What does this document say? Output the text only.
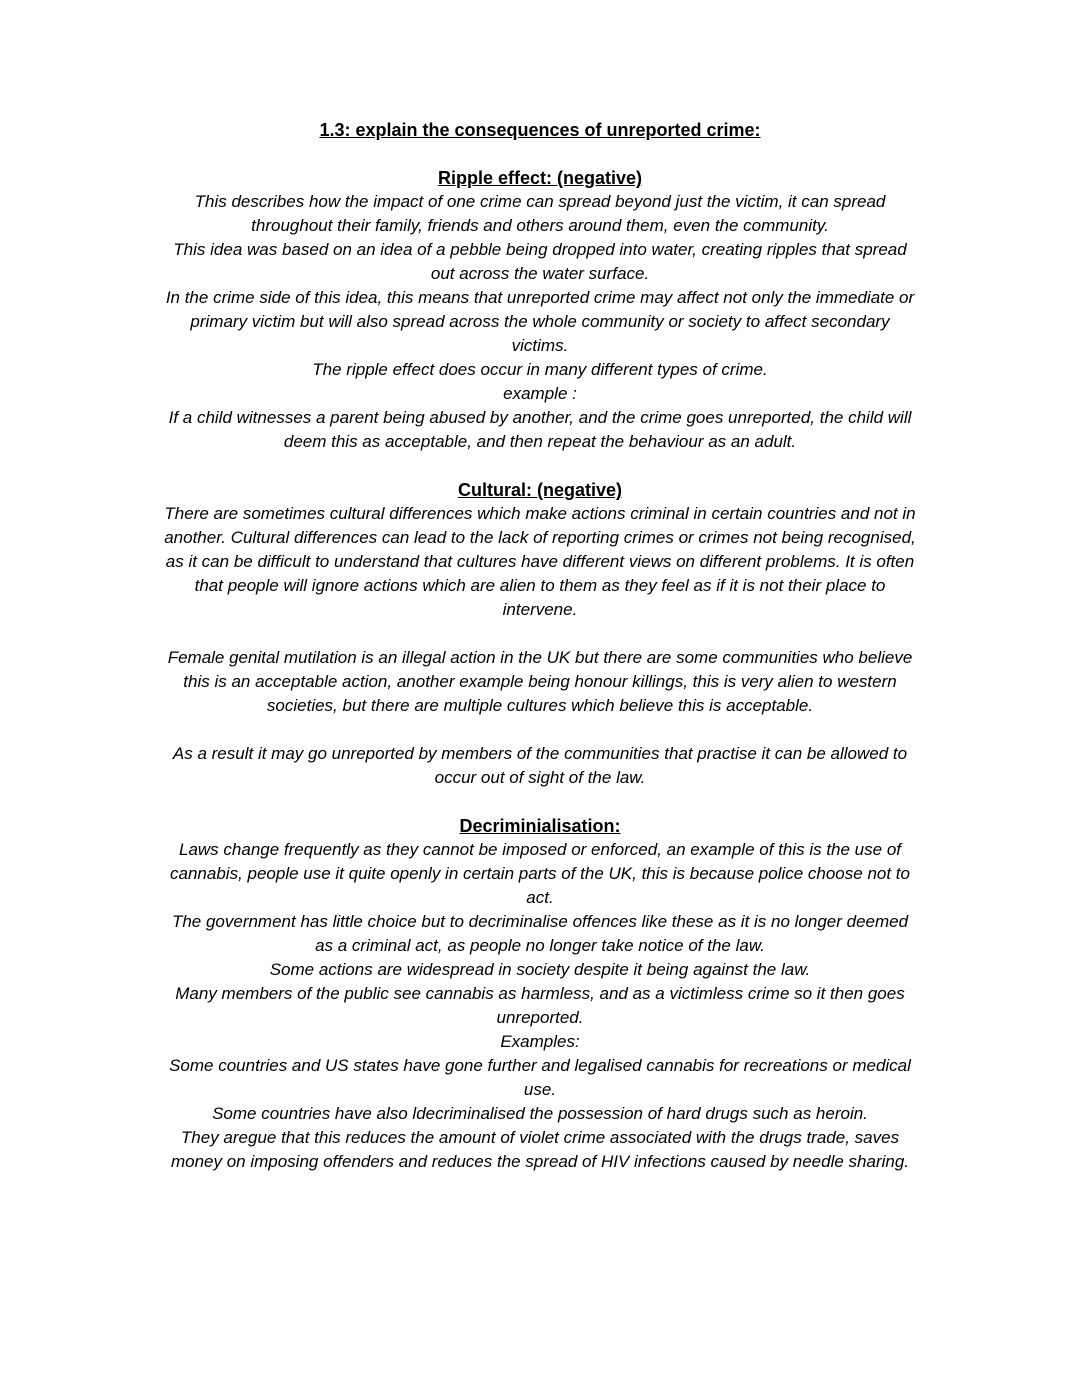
1.3: explain the consequences of unreported crime:
Ripple effect: (negative)

This describes how the impact of one crime can spread beyond just the victim, it can spread throughout their family, friends and others around them, even the community.

This idea was based on an idea of a pebble being dropped into water, creating ripples that spread out across the water surface.

In the crime side of this idea, this means that unreported crime may affect not only the immediate or primary victim but will also spread across the whole community or society to affect secondary victims.

The ripple effect does occur in many different types of crime.

example :

If a child witnesses a parent being abused by another, and the crime goes unreported, the child will deem this as acceptable, and then repeat the behaviour as an adult.

Cultural: (negative)

There are sometimes cultural differences which make actions criminal in certain countries and not in another. Cultural differences can lead to the lack of reporting crimes or crimes not being recognised, as it can be difficult to understand that cultures have different views on different problems. It is often that people will ignore actions which are alien to them as they feel as if it is not their place to intervene.

Female genital mutilation is an illegal action in the UK but there are some communities who believe this is an acceptable action, another example being honour killings, this is very alien to western societies, but there are multiple cultures which believe this is acceptable.

As a result it may go unreported by members of the communities that practise it can be allowed to occur out of sight of the law.

Decriminialisation:

Laws change frequently as they cannot be imposed or enforced, an example of this is the use of cannabis, people use it quite openly in certain parts of the UK, this is because police choose not to act.

The government has little choice but to decriminalise offences like these as it is no longer deemed as a criminal act, as people no longer take notice of the law.

Some actions are widespread in society despite it being against the law.

Many members of the public see cannabis as harmless, and as a victimless crime so it then goes unreported.

Examples:

Some countries and US states have gone further and legalised cannabis for recreations or medical use.

Some countries have also ldecriminalised the possession of hard drugs such as heroin.

They aregue that this reduces the amount of violet crime associated with the drugs trade, saves money on imposing offenders and reduces the spread of HIV infections caused by needle sharing.
